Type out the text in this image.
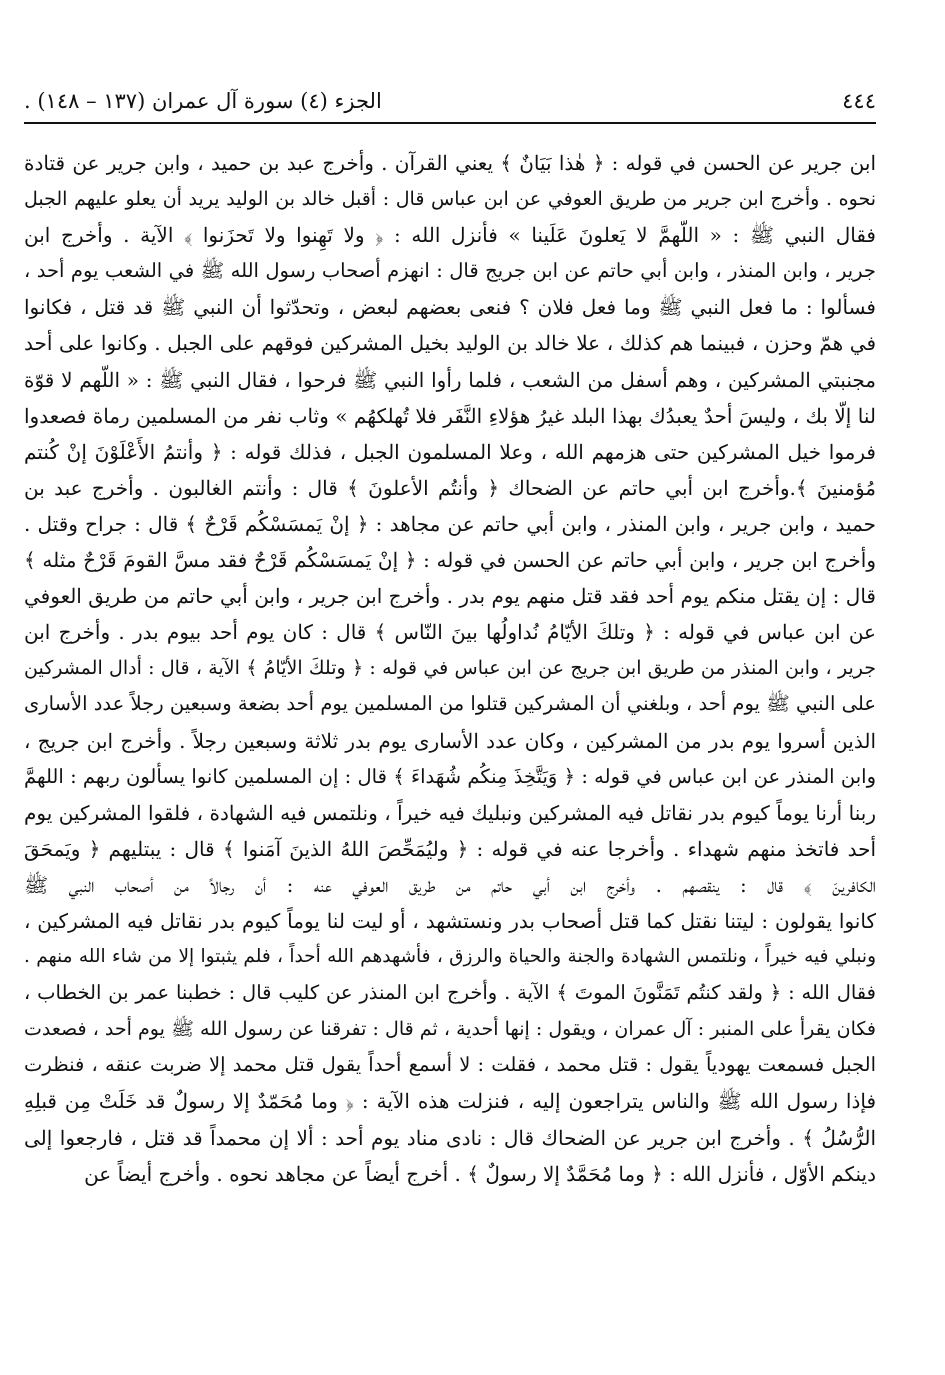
٤٤٤
الجزء (٤) سورة آل عمران (١٣٧ – ١٤٨) .
ابن جرير عن الحسن في قوله : ﴿ هٰذا بَيَانٌ ﴾ يعني القرآن . وأخرج عبد بن حميد ، وابن جرير عن قتادة
نحوه . وأخرج ابن جرير من طريق العوفي عن ابن عباس قال : أقبل خالد بن الوليد يريد أن يعلو عليهم الجبل
فقال النبي ﷺ : « اللّهمَّ لا يَعلونَ عَلَينا » فأنزل الله : ﴿ ولا تَهِنوا ولا تَحزَنوا ﴾ الآية . وأخرج ابن
جرير ، وابن المنذر ، وابن أبي حاتم عن ابن جريج قال : انهزم أصحاب رسول الله ﷺ في الشعب يوم أحد ،
فسألوا : ما فعل النبي ﷺ وما فعل فلان ؟ فنعى بعضهم لبعض ، وتحدّثوا أن النبي ﷺ قد قتل ، فكانوا
في همّ وحزن ، فبينما هم كذلك ، علا خالد بن الوليد بخيل المشركين فوقهم على الجبل . وكانوا على أحد
مجنبتي المشركين ، وهم أسفل من الشعب ، فلما رأوا النبي ﷺ فرحوا ، فقال النبي ﷺ : « اللّهم لا قوّة
لنا إلّا بك ، وليسَ أحدٌ يعبدُك بهذا البلد غيرُ هؤلاءِ النَّفَر فلا تُهلكهُم » وثاب نفر من المسلمين رماة فصعدوا
فرموا خيل المشركين حتى هزمهم الله ، وعلا المسلمون الجبل ، فذلك قوله : ﴿ وأنتمُ الأَعْلَوْنَ إنْ كُنتم
مُؤمنينَ ﴾.وأخرج ابن أبي حاتم عن الضحاك ﴿ وأنتُم الأعلونَ ﴾ قال : وأنتم الغالبون . وأخرج عبد بن
حميد ، وابن جرير ، وابن المنذر ، وابن أبي حاتم عن مجاهد : ﴿ إنْ يَمسَسْكُم قَرْحٌ ﴾ قال : جراح وقتل .
وأخرج ابن جرير ، وابن أبي حاتم عن الحسن في قوله : ﴿ إنْ يَمسَسْكُم قَرْحٌ فقد مسَّ القومَ قَرْحٌ مثله ﴾
قال : إن يقتل منكم يوم أحد فقد قتل منهم يوم بدر . وأخرج ابن جرير ، وابن أبي حاتم من طريق العوفي
عن ابن عباس في قوله : ﴿ وتلكَ الأيّامُ نُداولُها بينَ النّاس ﴾ قال : كان يوم أحد بيوم بدر . وأخرج ابن
جرير ، وابن المنذر من طريق ابن جريج عن ابن عباس في قوله : ﴿ وتلكَ الأيّامُ ﴾ الآية ، قال : أدال المشركين
على النبي ﷺ يوم أحد ، وبلغني أن المشركين قتلوا من المسلمين يوم أحد بضعة وسبعين رجلاً عدد الأسارى
الذين أسروا يوم بدر من المشركين ، وكان عدد الأسارى يوم بدر ثلاثة وسبعين رجلاً . وأخرج ابن جريج ،
وابن المنذر عن ابن عباس في قوله : ﴿ وَيَتَّخِذَ مِنكُم شُهَداءَ ﴾ قال : إن المسلمين كانوا يسألون ربهم : اللهمَّ
ربنا أرنا يوماً كيوم بدر نقاتل فيه المشركين ونبليك فيه خيراً ، ونلتمس فيه الشهادة ، فلقوا المشركين يوم
أحد فاتخذ منهم شهداء . وأخرجا عنه في قوله : ﴿ وليُمَحِّصَ اللهُ الذينَ آمَنوا ﴾ قال : يبتليهم ﴿ ويَمحَقَ
الكافرينَ ﴾ قال : ينقصهم . وأخرج ابن أبي حاتم من طريق العوفي عنه : أن رجالاً من أصحاب النبي ﷺ
كانوا يقولون : ليتنا نقتل كما قتل أصحاب بدر ونستشهد ، أو ليت لنا يوماً كيوم بدر نقاتل فيه المشركين ،
ونبلي فيه خيراً ، ونلتمس الشهادة والجنة والحياة والرزق ، فأشهدهم الله أحداً ، فلم يثبتوا إلا من شاء الله منهم .
فقال الله : ﴿ ولقد كنتُم تَمَنَّونَ الموتَ ﴾ الآية . وأخرج ابن المنذر عن كليب قال : خطبنا عمر بن الخطاب ،
فكان يقرأ على المنبر : آل عمران ، ويقول : إنها أحدية ، ثم قال : تفرقنا عن رسول الله ﷺ يوم أحد ، فصعدت
الجبل فسمعت يهودياً يقول : قتل محمد ، فقلت : لا أسمع أحداً يقول قتل محمد إلا ضربت عنقه ، فنظرت
فإذا رسول الله ﷺ والناس يتراجعون إليه ، فنزلت هذه الآية : ﴿ وما مُحَمّدٌ إلا رسولٌ قد خَلَتْ مِن قبلِهِ
الرُّسُلُ ﴾ . وأخرج ابن جرير عن الضحاك قال : نادى مناد يوم أحد : ألا إن محمداً قد قتل ، فارجعوا إلى
دينكم الأوّل ، فأنزل الله : ﴿ وما مُحَمَّدٌ إلا رسولٌ ﴾ . أخرج أيضاً عن مجاهد نحوه . وأخرج أيضاً عن
